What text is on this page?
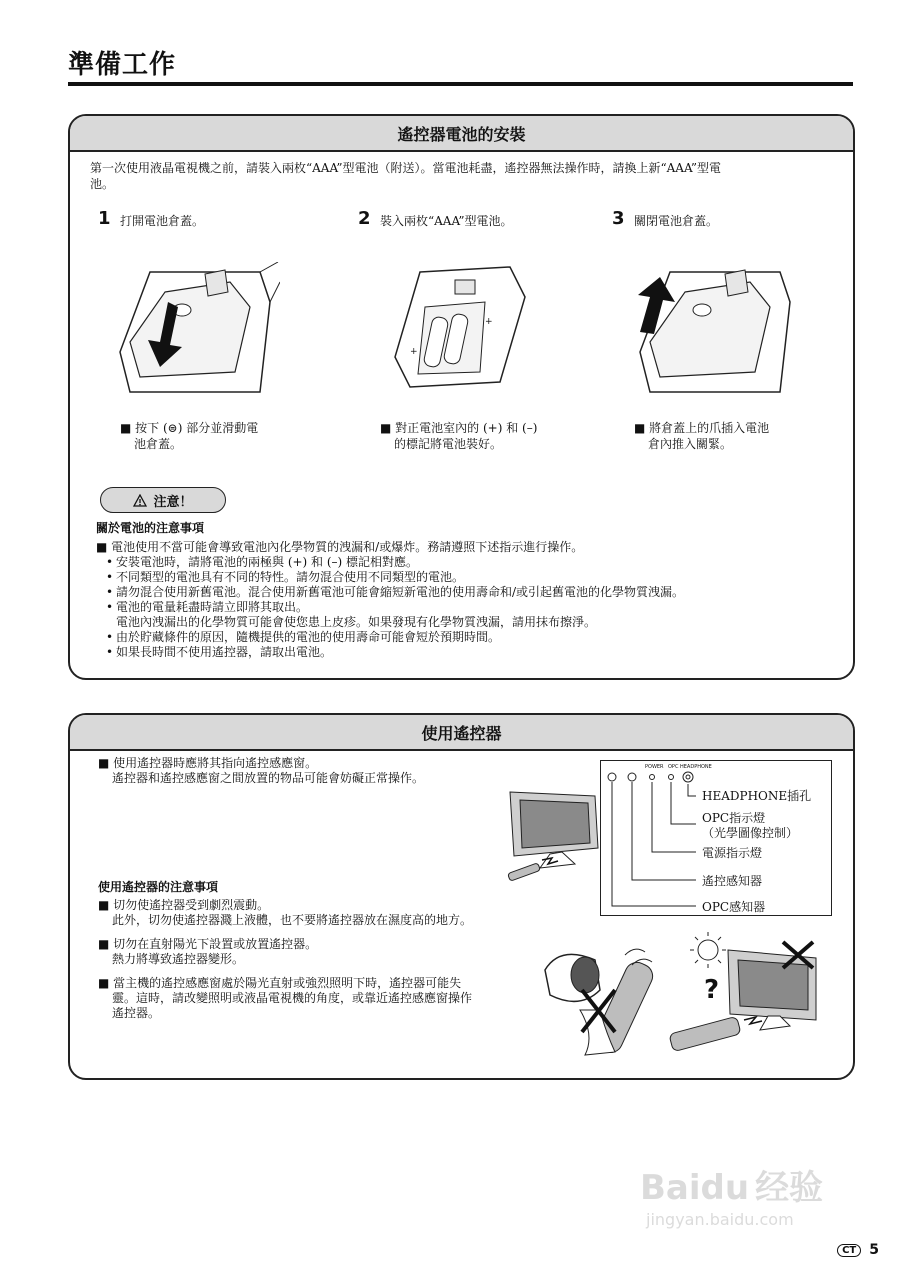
準備工作
遙控器電池的安裝
第一次使用液晶電視機之前，請裝入兩枚“AAA”型電池（附送）。當電池耗盡，遙控器無法操作時，請換上新“AAA”型電
池。
1 打開電池倉蓋。
■ 按下 (⊜) 部分並滑動電
池倉蓋。
2 裝入兩枚“AAA”型電池。
+
+
■ 對正電池室內的 (+) 和 (–)
的標記將電池裝好。
3 關閉電池倉蓋。
■ 將倉蓋上的爪插入電池
倉內推入關緊。
注意！
關於電池的注意事項
■ 電池使用不當可能會導致電池內化學物質的洩漏和/或爆炸。務請遵照下述指示進行操作。
• 安裝電池時，請將電池的兩極與 (+) 和 (–) 標記相對應。
• 不同類型的電池具有不同的特性。請勿混合使用不同類型的電池。
• 請勿混合使用新舊電池。混合使用新舊電池可能會縮短新電池的使用壽命和/或引起舊電池的化學物質洩漏。
• 電池的電量耗盡時請立即將其取出。
電池內洩漏出的化學物質可能會使您患上皮疹。如果發現有化學物質洩漏，請用抹布擦淨。
• 由於貯藏條件的原因，隨機提供的電池的使用壽命可能會短於預期時間。
• 如果長時間不使用遙控器，請取出電池。
使用遙控器
■ 使用遙控器時應將其指向遙控感應窗。
遙控器和遙控感應窗之間放置的物品可能會妨礙正常操作。
POWER OPC HEADPHONE
HEADPHONE插孔
OPC指示燈
（光學圖像控制）
電源指示燈
遙控感知器
OPC感知器
使用遙控器的注意事項
■ 切勿使遙控器受到劇烈震動。
此外，切勿使遙控器濺上液體，也不要將遙控器放在濕度高的地方。
■ 切勿在直射陽光下設置或放置遙控器。
熱力將導致遙控器變形。
■ 當主機的遙控感應窗處於陽光直射或強烈照明下時，遙控器可能失
靈。這時，請改變照明或液晶電視機的角度，或靠近遙控感應窗操作
遙控器。
?
Baidu 经验
jingyan.baidu.com
CT 5
